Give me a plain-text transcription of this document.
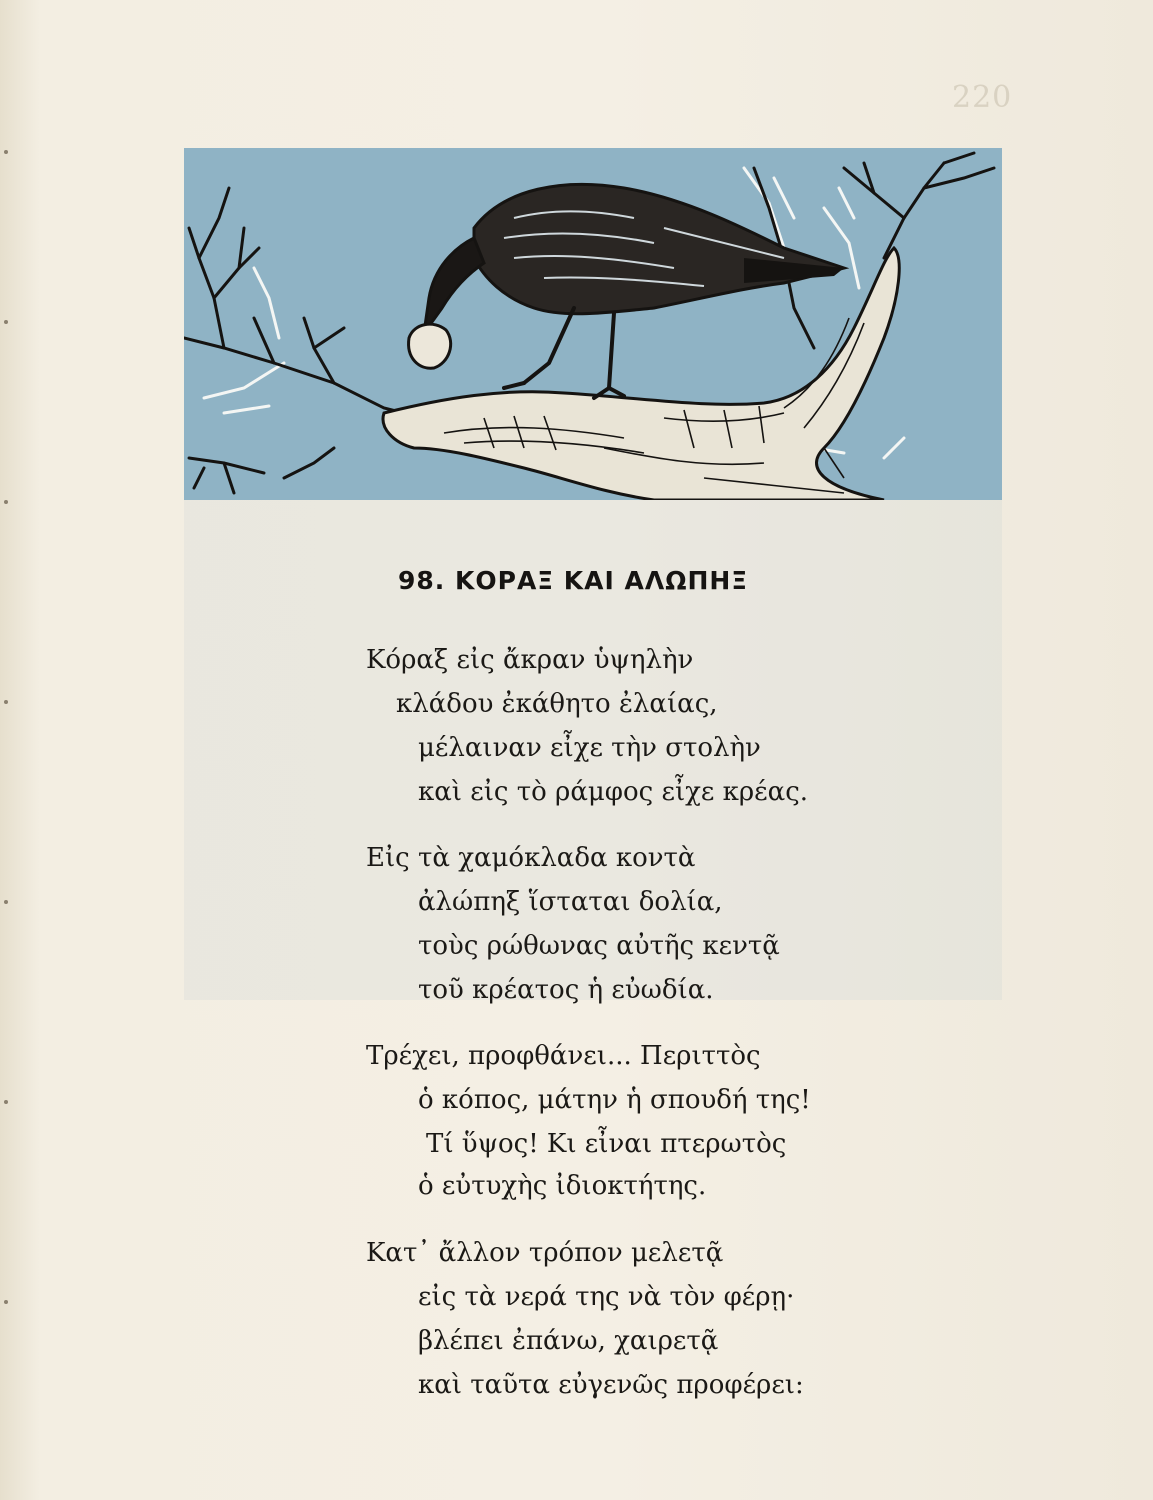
220
98. ΚΟΡΑΞ ΚΑΙ ΑΛΩΠΗΞ
Κόραξ εἰς ἄκραν ὑψηλὴν
κλάδου ἐκάθητο ἐλαίας,
μέλαιναν εἶχε τὴν στολὴν
καὶ εἰς τὸ ράμφος εἶχε κρέας.
Εἰς τὰ χαμόκλαδα κοντὰ
ἀλώπηξ ἵσταται δολία,
τοὺς ρώθωνας αὐτῆς κεντᾷ
τοῦ κρέατος ἡ εὐωδία.
Τρέχει, προφθάνει... Περιττὸς
ὁ κόπος, μάτην ἡ σπουδή της!
Τί ὕψος! Κι εἶναι πτερωτὸς
ὁ εὐτυχὴς ἰδιοκτήτης.
Κατ᾿ ἄλλον τρόπον μελετᾷ
εἰς τὰ νερά της νὰ τὸν φέρῃ·
βλέπει ἐπάνω, χαιρετᾷ
καὶ ταῦτα εὐγενῶς προφέρει:
